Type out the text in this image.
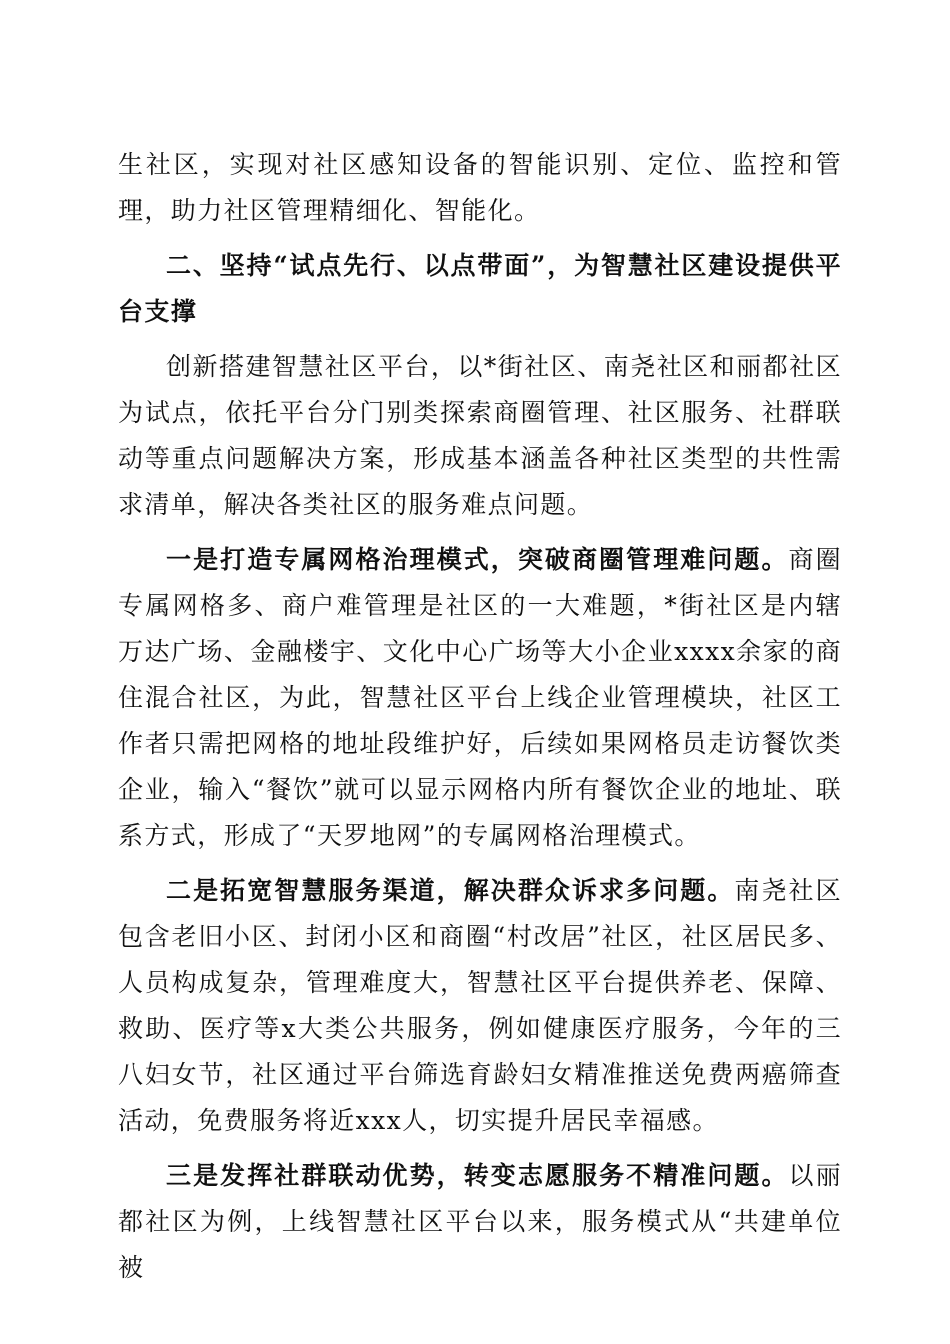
生社区，实现对社区感知设备的智能识别、定位、监控和管理，助力社区管理精细化、智能化。

二、坚持“试点先行、以点带面”，为智慧社区建设提供平台支撑

创新搭建智慧社区平台，以*街社区、南尧社区和丽都社区为试点，依托平台分门别类探索商圈管理、社区服务、社群联动等重点问题解决方案，形成基本涵盖各种社区类型的共性需求清单，解决各类社区的服务难点问题。

一是打造专属网格治理模式，突破商圈管理难问题。商圈专属网格多、商户难管理是社区的一大难题，*街社区是内辖万达广场、金融楼宇、文化中心广场等大小企业xxxx余家的商住混合社区，为此，智慧社区平台上线企业管理模块，社区工作者只需把网格的地址段维护好，后续如果网格员走访餐饮类企业，输入“餐饮”就可以显示网格内所有餐饮企业的地址、联系方式，形成了“天罗地网”的专属网格治理模式。

二是拓宽智慧服务渠道，解决群众诉求多问题。南尧社区包含老旧小区、封闭小区和商圈“村改居”社区，社区居民多、人员构成复杂，管理难度大，智慧社区平台提供养老、保障、救助、医疗等x大类公共服务，例如健康医疗服务，今年的三八妇女节，社区通过平台筛选育龄妇女精准推送免费两癌筛查活动，免费服务将近xxx人，切实提升居民幸福感。

三是发挥社群联动优势，转变志愿服务不精准问题。以丽都社区为例，上线智慧社区平台以来，服务模式从“共建单位被
